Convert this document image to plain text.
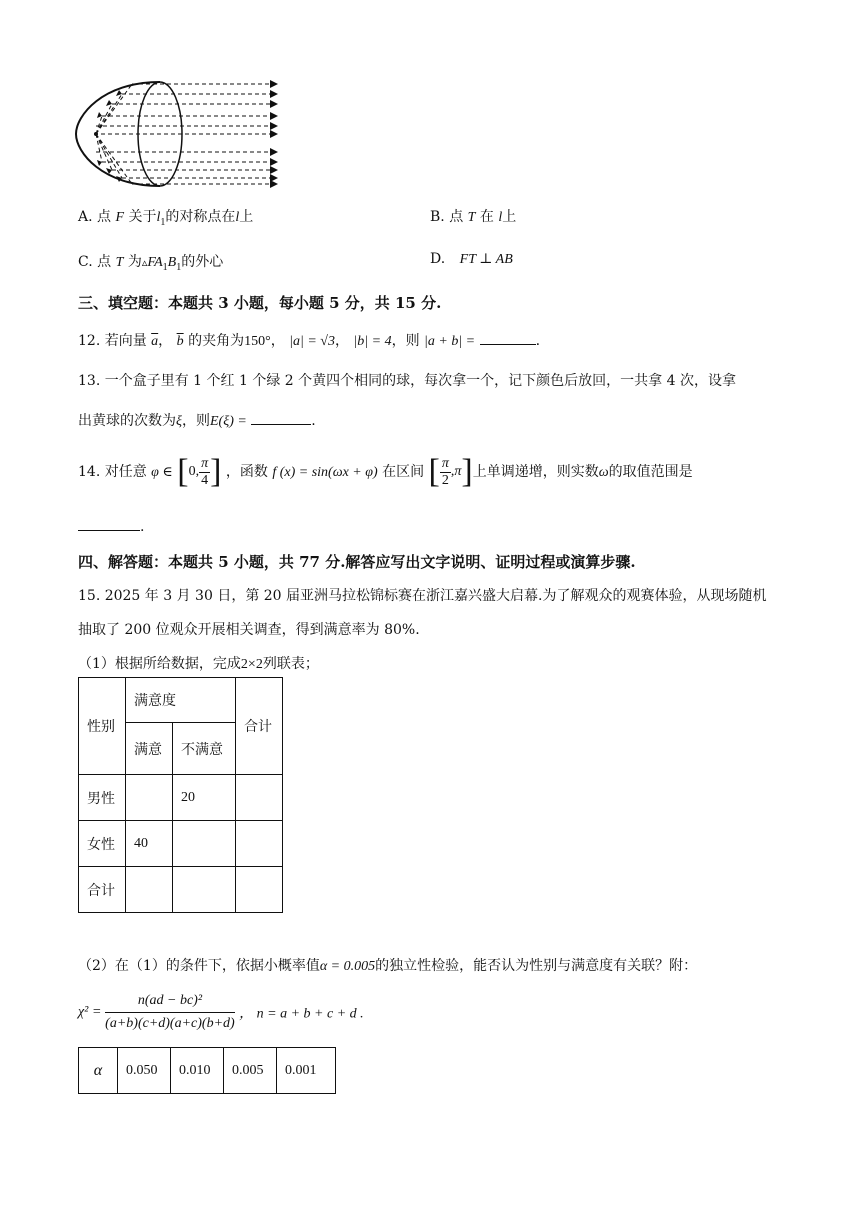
A. 点 F 关于$l_1$的对称点在l上	B. 点 T 在 l上
C. 点 T 为$▵FA_1B_1$的外心	D. FT ⊥ AB
三、填空题：本题共 3 小题，每小题 5 分，共 15 分.
12. 若向量 $\overline{a}$， $\overline{b}$ 的夹角为150°， |a| = √3， |b| = 4，则 |a + b| =	.
13. 一个盒子里有 1 个红 1 个绿 2 个黄四个相同的球，每次拿一个，记下颜色后放回，一共拿 4 次，设拿
出黄球的次数为ξ，则E(ξ) =	.
14. 对任意 φ ∈ [0, $\frac{\pi}{4}$ ] ，函数 f (x) = sin(ωx + φ) 在区间 [ $\frac{\pi}{2} ,\pi$]上单调递增，则实数ω的取值范围是
.
四、解答题：本题共 5 小题，共 77 分.解答应写出文字说明、证明过程或演算步骤.
15. 2025 年 3 月 30 日，第 20 届亚洲马拉松锦标赛在浙江嘉兴盛大启幕.为了解观众的观赛体验，从现场随机
抽取了 200 位观众开展相关调查，得到满意率为 80%.
（1）根据所给数据，完成2×2列联表；
性别	满意度		合计
	满意	不满意	
男性		20	
女性	40		
合计			
（2）在（1）的条件下，依据小概率值α = 0.005的独立性检验，能否认为性别与满意度有关联？附：
$\chi^2 = \frac{\text{n(ad − bc)²}}{(a+b)(c+d)(a+c)(b+d)}$ ， n = a + b + c + d .
α	0.050	0.010	0.005	0.001
